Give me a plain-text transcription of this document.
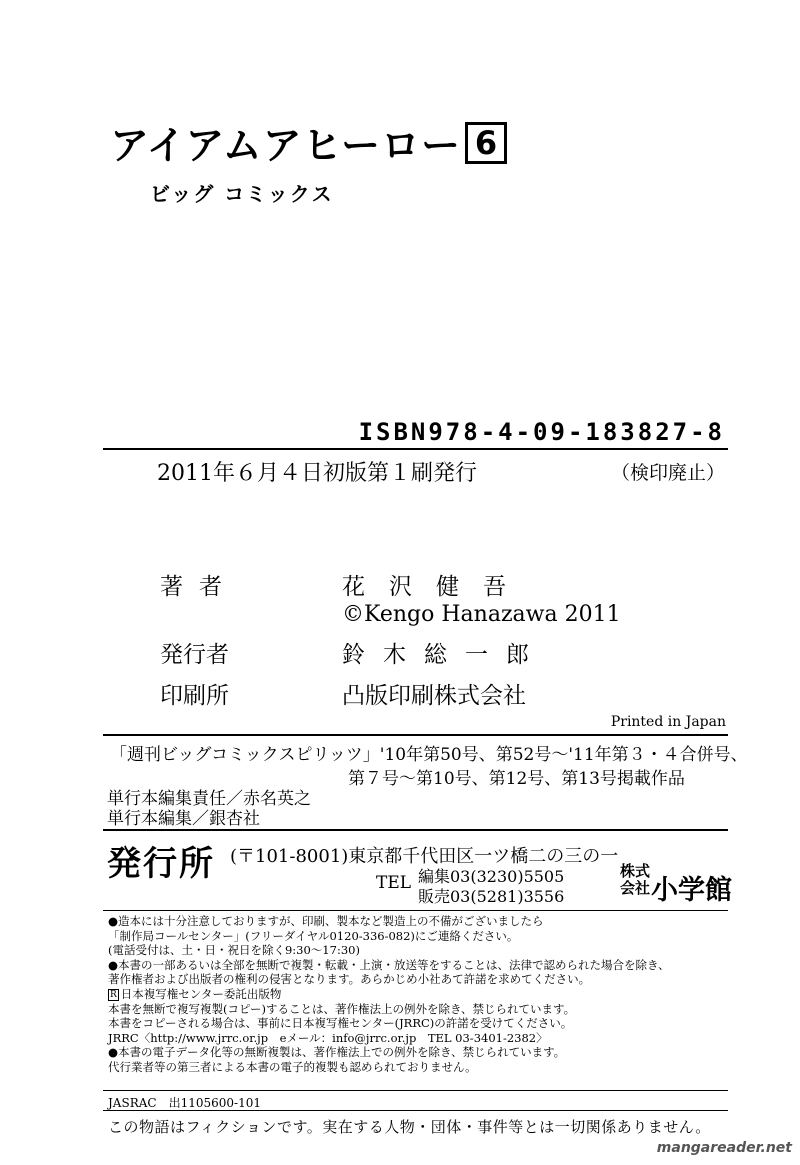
アイアムアヒーロー 6
ビッグ コミックス
ISBN978-4-09-183827-8
2011年６月４日初版第１刷発行	（検印廃止）
著者	花沢健吾
©Kengo Hanazawa 2011
発行者	鈴木総一郎
印刷所	凸版印刷株式会社
Printed in Japan
「週刊ビッグコミックスピリッツ」'10年第50号、第52号～'11年第３・４合併号、
第７号～第10号、第12号、第13号掲載作品
単行本編集責任／赤名英之
単行本編集／銀杏社
発行所 (〒101-8001)東京都千代田区一ツ橋二の三の一
TEL 編集03(3230)5505
販売03(5281)3556
株式会社 小学館
●造本には十分注意しておりますが、印刷、製本など製造上の不備がございましたら
「制作局コールセンター」(フリーダイヤル0120-336-082)にご連絡ください。
(電話受付は、土・日・祝日を除く9:30～17:30)
●本書の一部あるいは全部を無断で複製・転載・上演・放送等をすることは、法律で認められた場合を除き、
著作権者および出版者の権利の侵害となります。あらかじめ小社あて許諾を求めてください。
R 日本複写権センター委託出版物
本書を無断で複写複製(コピー)することは、著作権法上の例外を除き、禁じられています。
本書をコピーされる場合は、事前に日本複写権センター(JRRC)の許諾を受けてください。
JRRC〈http://www.jrrc.or.jp　eメール：info@jrrc.or.jp　TEL 03-3401-2382〉
●本書の電子データ化等の無断複製は、著作権法上での例外を除き、禁じられています。
代行業者等の第三者による本書の電子的複製も認められておりません。
JASRAC　出1105600-101
この物語はフィクションです。実在する人物・団体・事件等とは一切関係ありません。
mangareader.net
